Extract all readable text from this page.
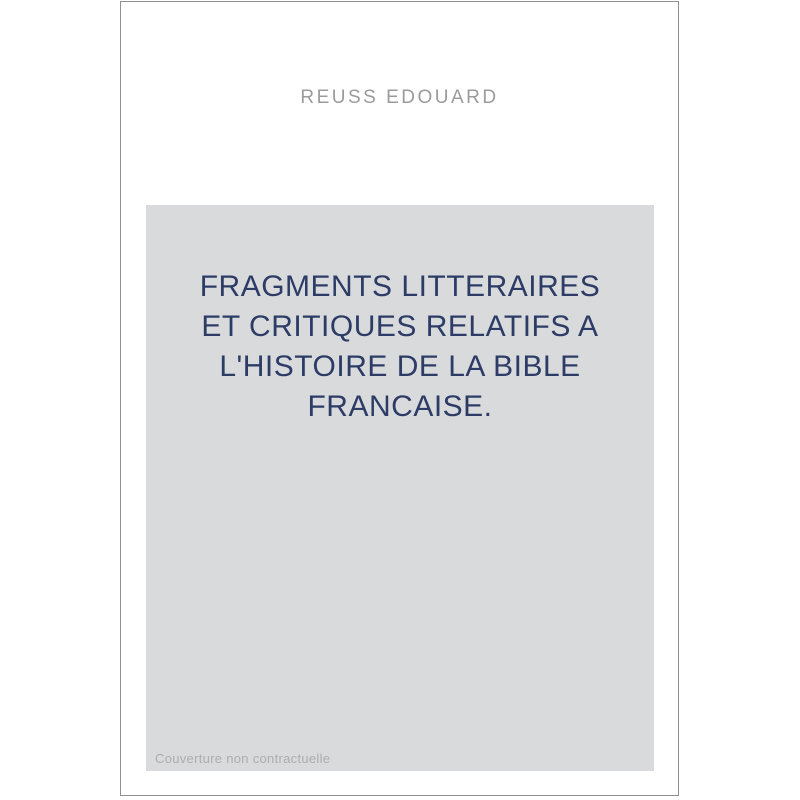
REUSS EDOUARD
FRAGMENTS LITTERAIRES
ET CRITIQUES RELATIFS A
L'HISTOIRE DE LA BIBLE
FRANCAISE.
Couverture non contractuelle
